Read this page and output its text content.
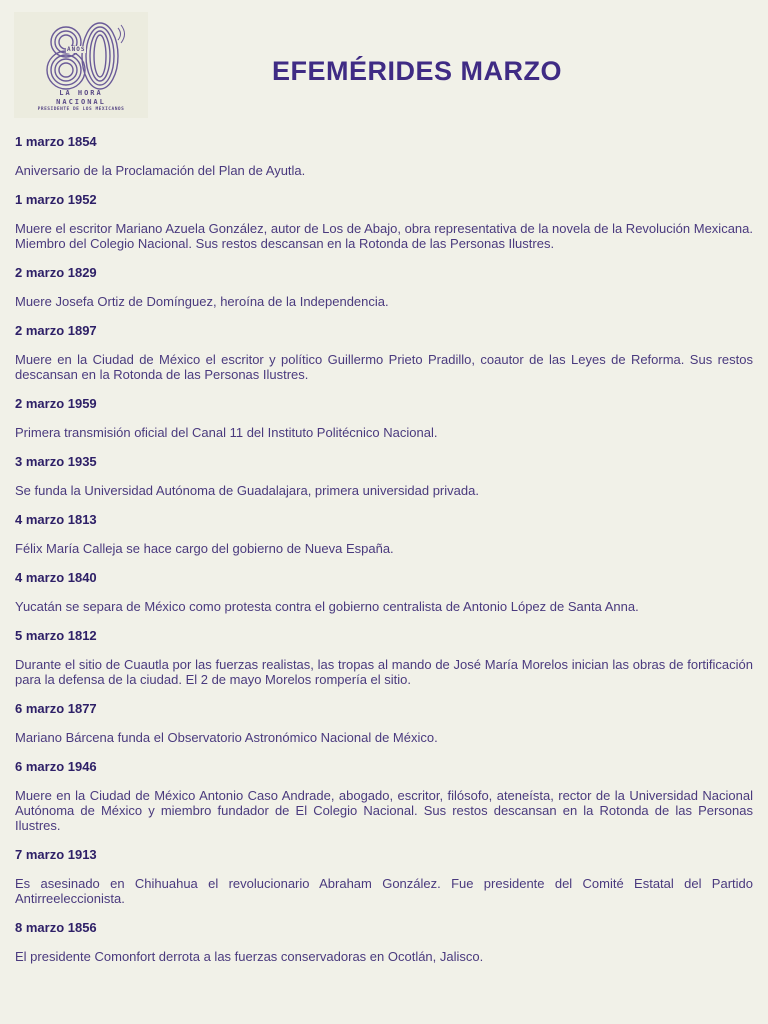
AÑOS
LA HORA
NACIONAL
PRESIDENTE DE LOS MEXICANOS
EFEMÉRIDES MARZO

1 marzo 1854

Aniversario de la Proclamación del Plan de Ayutla.

1 marzo 1952

Muere el escritor Mariano Azuela González, autor de Los de Abajo, obra representativa de la novela de la Revolución Mexicana. Miembro del Colegio Nacional. Sus restos descansan en la Rotonda de las Personas Ilustres.

2 marzo 1829

Muere Josefa Ortiz de Domínguez, heroína de la Independencia.

2 marzo 1897

Muere en la Ciudad de México el escritor y político Guillermo Prieto Pradillo, coautor de las Leyes de Reforma. Sus restos descansan en la Rotonda de las Personas Ilustres.

2 marzo 1959

Primera transmisión oficial del Canal 11 del Instituto Politécnico Nacional.

3 marzo 1935

Se funda la Universidad Autónoma de Guadalajara, primera universidad privada.

4 marzo 1813

Félix María Calleja se hace cargo del gobierno de Nueva España.

4 marzo 1840

Yucatán se separa de México como protesta contra el gobierno centralista de Antonio López de Santa Anna.

5 marzo 1812

Durante el sitio de Cuautla por las fuerzas realistas, las tropas al mando de José María Morelos inician las obras de fortificación para la defensa de la ciudad. El 2 de mayo Morelos rompería el sitio.

6 marzo 1877

Mariano Bárcena funda el Observatorio Astronómico Nacional de México.

6 marzo 1946

Muere en la Ciudad de México Antonio Caso Andrade, abogado, escritor, filósofo, ateneísta, rector de la Universidad Nacional Autónoma de México y miembro fundador de El Colegio Nacional. Sus restos descansan en la Rotonda de las Personas Ilustres.

7 marzo 1913

Es asesinado en Chihuahua el revolucionario Abraham González. Fue presidente del Comité Estatal del Partido Antirreeleccionista.

8 marzo 1856

El presidente Comonfort derrota a las fuerzas conservadoras en Ocotlán, Jalisco.
